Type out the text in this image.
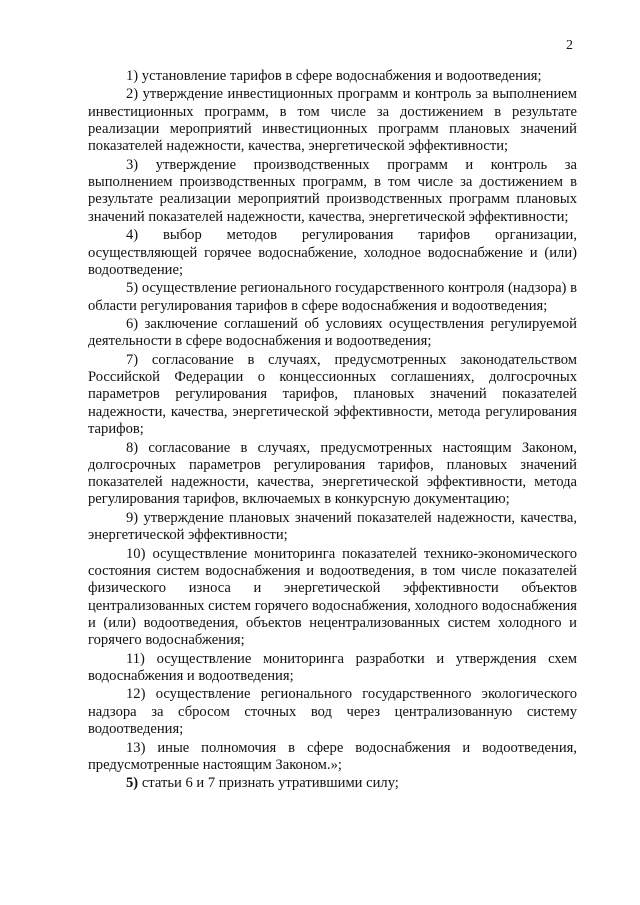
2

1) установление тарифов в сфере водоснабжения и водоотведения;

2) утверждение инвестиционных программ и контроль за выполнением инвестиционных программ, в том числе за достижением в результате реализации мероприятий инвестиционных программ плановых значений показателей надежности, качества, энергетической эффективности;

3) утверждение производственных программ и контроль за выполнением производственных программ, в том числе за достижением в результате реализации мероприятий производственных программ плановых значений показателей надежности, качества, энергетической эффективности;

4) выбор методов регулирования тарифов организации, осуществляющей горячее водоснабжение, холодное водоснабжение и (или) водоотведение;

5) осуществление регионального государственного контроля (надзора) в области регулирования тарифов в сфере водоснабжения и водоотведения;

6) заключение соглашений об условиях осуществления регулируемой деятельности в сфере водоснабжения и водоотведения;

7) согласование в случаях, предусмотренных законодательством Российской Федерации о концессионных соглашениях, долгосрочных параметров регулирования тарифов, плановых значений показателей надежности, качества, энергетической эффективности, метода регулирования тарифов;

8) согласование в случаях, предусмотренных настоящим Законом, долгосрочных параметров регулирования тарифов, плановых значений показателей надежности, качества, энергетической эффективности, метода регулирования тарифов, включаемых в конкурсную документацию;

9) утверждение плановых значений показателей надежности, качества, энергетической эффективности;

10) осуществление мониторинга показателей технико-экономического состояния систем водоснабжения и водоотведения, в том числе показателей физического износа и энергетической эффективности объектов централизованных систем горячего водоснабжения, холодного водоснабжения и (или) водоотведения, объектов нецентрализованных систем холодного и горячего водоснабжения;

11) осуществление мониторинга разработки и утверждения схем водоснабжения и водоотведения;

12) осуществление регионального государственного экологического надзора за сбросом сточных вод через централизованную систему водоотведения;

13) иные полномочия в сфере водоснабжения и водоотведения, предусмотренные настоящим Законом.»;

5) статьи 6 и 7 признать утратившими силу;
